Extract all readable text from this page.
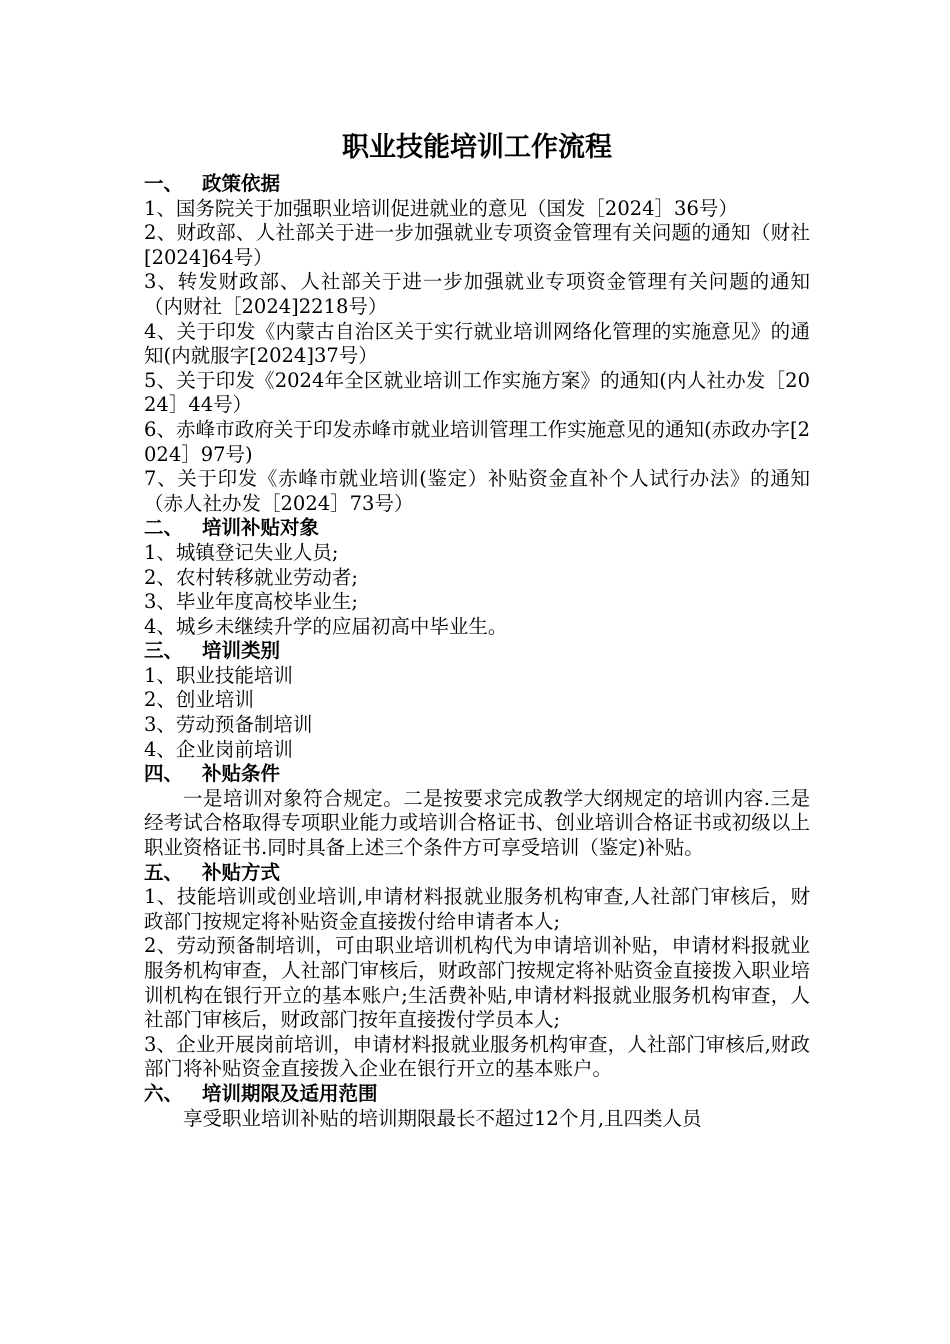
职业技能培训工作流程

一、 政策依据

1、国务院关于加强职业培训促进就业的意见（国发［2024］36号）

2、财政部、人社部关于进一步加强就业专项资金管理有关问题的通知（财社[2024]64号）

3、转发财政部、人社部关于进一步加强就业专项资金管理有关问题的通知（内财社［2024]2218号）

4、关于印发《内蒙古自治区关于实行就业培训网络化管理的实施意见》的通知(内就服字[2024]37号）

5、关于印发《2024年全区就业培训工作实施方案》的通知(内人社办发［2024］44号）

6、赤峰市政府关于印发赤峰市就业培训管理工作实施意见的通知(赤政办字[2024］97号)

7、关于印发《赤峰市就业培训(鉴定）补贴资金直补个人试行办法》的通知（赤人社办发［2024］73号）

二、 培训补贴对象

1、城镇登记失业人员;

2、农村转移就业劳动者;

3、毕业年度高校毕业生;

4、城乡未继续升学的应届初高中毕业生。

三、 培训类别

1、职业技能培训

2、创业培训

3、劳动预备制培训

4、企业岗前培训

四、 补贴条件

一是培训对象符合规定。二是按要求完成教学大纲规定的培训内容.三是经考试合格取得专项职业能力或培训合格证书、创业培训合格证书或初级以上职业资格证书.同时具备上述三个条件方可享受培训（鉴定)补贴。

五、 补贴方式

1、技能培训或创业培训,申请材料报就业服务机构审查,人社部门审核后，财政部门按规定将补贴资金直接拨付给申请者本人;

2、劳动预备制培训，可由职业培训机构代为申请培训补贴，申请材料报就业服务机构审查，人社部门审核后，财政部门按规定将补贴资金直接拨入职业培训机构在银行开立的基本账户;生活费补贴,申请材料报就业服务机构审查，人社部门审核后，财政部门按年直接拨付学员本人;

3、企业开展岗前培训，申请材料报就业服务机构审查，人社部门审核后,财政部门将补贴资金直接拨入企业在银行开立的基本账户。

六、 培训期限及适用范围

享受职业培训补贴的培训期限最长不超过12个月,且四类人员
